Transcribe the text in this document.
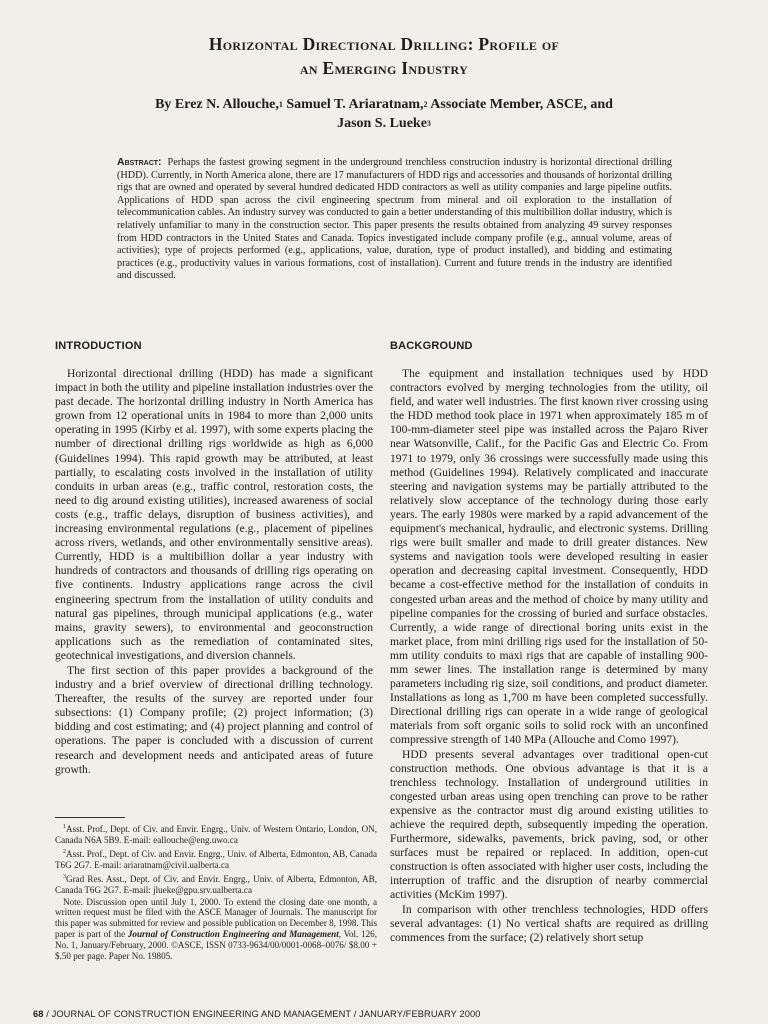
Horizontal Directional Drilling: Profile of
an Emerging Industry
By Erez N. Allouche,$^1$ Samuel T. Ariaratnam,$^2$ Associate Member, ASCE, and
Jason S. Lueke$^3$
Abstract: Perhaps the fastest growing segment in the underground trenchless construction industry is horizontal directional drilling (HDD). Currently, in North America alone, there are 17 manufacturers of HDD rigs and accessories and thousands of horizontal drilling rigs that are owned and operated by several hundred dedicated HDD contractors as well as utility companies and large pipeline outfits. Applications of HDD span across the civil engineering spectrum from mineral and oil exploration to the installation of telecommunication cables. An industry survey was conducted to gain a better understanding of this multibillion dollar industry, which is relatively unfamiliar to many in the construction sector. This paper presents the results obtained from analyzing 49 survey responses from HDD contractors in the United States and Canada. Topics investigated include company profile (e.g., annual volume, areas of activities); type of projects performed (e.g., applications, value, duration, type of product installed), and bidding and estimating practices (e.g., productivity values in various formations, cost of installation). Current and future trends in the industry are identified and discussed.
INTRODUCTION

Horizontal directional drilling (HDD) has made a significant impact in both the utility and pipeline installation industries over the past decade. The horizontal drilling industry in North America has grown from 12 operational units in 1984 to more than 2,000 units operating in 1995 (Kirby et al. 1997), with some experts placing the number of directional drilling rigs worldwide as high as 6,000 (Guidelines 1994). This rapid growth may be attributed, at least partially, to escalating costs involved in the installation of utility conduits in urban areas (e.g., traffic control, restoration costs, the need to dig around existing utilities), increased awareness of social costs (e.g., traffic delays, disruption of business activities), and increasing environmental regulations (e.g., placement of pipelines across rivers, wetlands, and other environmentally sensitive areas). Currently, HDD is a multibillion dollar a year industry with hundreds of contractors and thousands of drilling rigs operating on five continents. Industry applications range across the civil engineering spectrum from the installation of utility conduits and natural gas pipelines, through municipal applications (e.g., water mains, gravity sewers), to environmental and geoconstruction applications such as the remediation of contaminated sites, geotechnical investigations, and diversion channels.

The first section of this paper provides a background of the industry and a brief overview of directional drilling technology. Thereafter, the results of the survey are reported under four subsections: (1) Company profile; (2) project information; (3) bidding and cost estimating; and (4) project planning and control of operations. The paper is concluded with a discussion of current research and development needs and anticipated areas of future growth.

$^1$Asst. Prof., Dept. of Civ. and Envir. Engrg., Univ. of Western Ontario, London, ON, Canada N6A 5B9. E-mail: eallouche@eng.uwo.ca

$^2$Asst. Prof., Dept. of Civ. and Envir. Engrg., Univ. of Alberta, Edmonton, AB, Canada T6G 2G7. E-mail: ariaratnam@civil.ualberta.ca

$^3$Grad Res. Asst., Dept. of Civ. and Envir. Engrg., Univ. of Alberta, Edmonton, AB, Canada T6G 2G7. E-mail: jlueke@gpu.srv.ualberta.ca

Note. Discussion open until July 1, 2000. To extend the closing date one month, a written request must be filed with the ASCE Manager of Journals. The manuscript for this paper was submitted for review and possible publication on December 8, 1998. This paper is part of the Journal of Construction Engineering and Management, Vol. 126, No. 1, January/February, 2000. ©ASCE, ISSN 0733-9634/00/0001-0068–0076/ $8.00 + $.50 per page. Paper No. 19805.

BACKGROUND

The equipment and installation techniques used by HDD contractors evolved by merging technologies from the utility, oil field, and water well industries. The first known river crossing using the HDD method took place in 1971 when approximately 185 m of 100-mm-diameter steel pipe was installed across the Pajaro River near Watsonville, Calif., for the Pacific Gas and Electric Co. From 1971 to 1979, only 36 crossings were successfully made using this method (Guidelines 1994). Relatively complicated and inaccurate steering and navigation systems may be partially attributed to the relatively slow acceptance of the technology during those early years. The early 1980s were marked by a rapid advancement of the equipment's mechanical, hydraulic, and electronic systems. Drilling rigs were built smaller and made to drill greater distances. New systems and navigation tools were developed resulting in easier operation and decreasing capital investment. Consequently, HDD became a cost-effective method for the installation of conduits in congested urban areas and the method of choice by many utility and pipeline companies for the crossing of buried and surface obstacles. Currently, a wide range of directional boring units exist in the market place, from mini drilling rigs used for the installation of 50-mm utility conduits to maxi rigs that are capable of installing 900-mm sewer lines. The installation range is determined by many parameters including rig size, soil conditions, and product diameter. Installations as long as 1,700 m have been completed successfully. Directional drilling rigs can operate in a wide range of geological materials from soft organic soils to solid rock with an unconfined compressive strength of 140 MPa (Allouche and Como 1997).

HDD presents several advantages over traditional open-cut construction methods. One obvious advantage is that it is a trenchless technology. Installation of underground utilities in congested urban areas using open trenching can prove to be rather expensive as the contractor must dig around existing utilities to achieve the required depth, subsequently impeding the operation. Furthermore, sidewalks, pavements, brick paving, sod, or other surfaces must be repaired or replaced. In addition, open-cut construction is often associated with higher user costs, including the interruption of traffic and the disruption of nearby commercial activities (McKim 1997).

In comparison with other trenchless technologies, HDD offers several advantages: (1) No vertical shafts are required as drilling commences from the surface; (2) relatively short setup

68 / JOURNAL OF CONSTRUCTION ENGINEERING AND MANAGEMENT / JANUARY/FEBRUARY 2000
